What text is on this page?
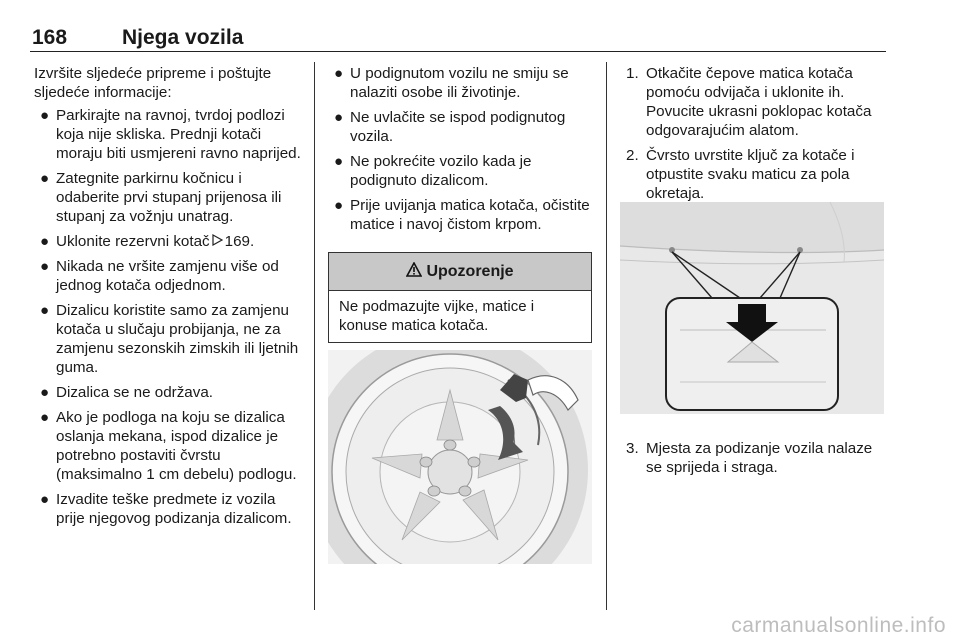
168	Njega vozila

Izvršite sljedeće pripreme i poštujte sljedeće informacije:

● Parkirajte na ravnoj, tvrdoj podlozi koja nije skliska. Prednji kotači moraju biti usmjereni ravno naprijed.
● Zategnite parkirnu kočnicu i odaberite prvi stupanj prijenosa ili stupanj za vožnju unatrag.
● Uklonite rezervni kotač 169.
● Nikada ne vršite zamjenu više od jednog kotača odjednom.
● Dizalicu koristite samo za zamjenu kotača u slučaju probijanja, ne za zamjenu sezonskih zimskih ili ljetnih guma.
● Dizalica se ne održava.
● Ako je podloga na koju se dizalica oslanja mekana, ispod dizalice je potrebno postaviti čvrstu (maksimalno 1 cm debelu) podlogu.
● Izvadite teške predmete iz vozila prije njegovog podizanja dizalicom.
● U podignutom vozilu ne smiju se nalaziti osobe ili životinje.
● Ne uvlačite se ispod podignutog vozila.
● Ne pokrećite vozilo kada je podignuto dizalicom.
● Prije uvijanja matica kotača, očistite matice i navoj čistom krpom.
Upozorenje
Ne podmazujte vijke, matice i konuse matica kotača.
1. Otkačite čepove matica kotača pomoću odvijača i uklonite ih. Povucite ukrasni poklopac kotača odgovarajućim alatom.
2. Čvrsto uvrstite ključ za kotače i otpustite svaku maticu za pola okretaja.
3. Mjesta za podizanje vozila nalaze se sprijeda i straga.
carmanualsonline.info
